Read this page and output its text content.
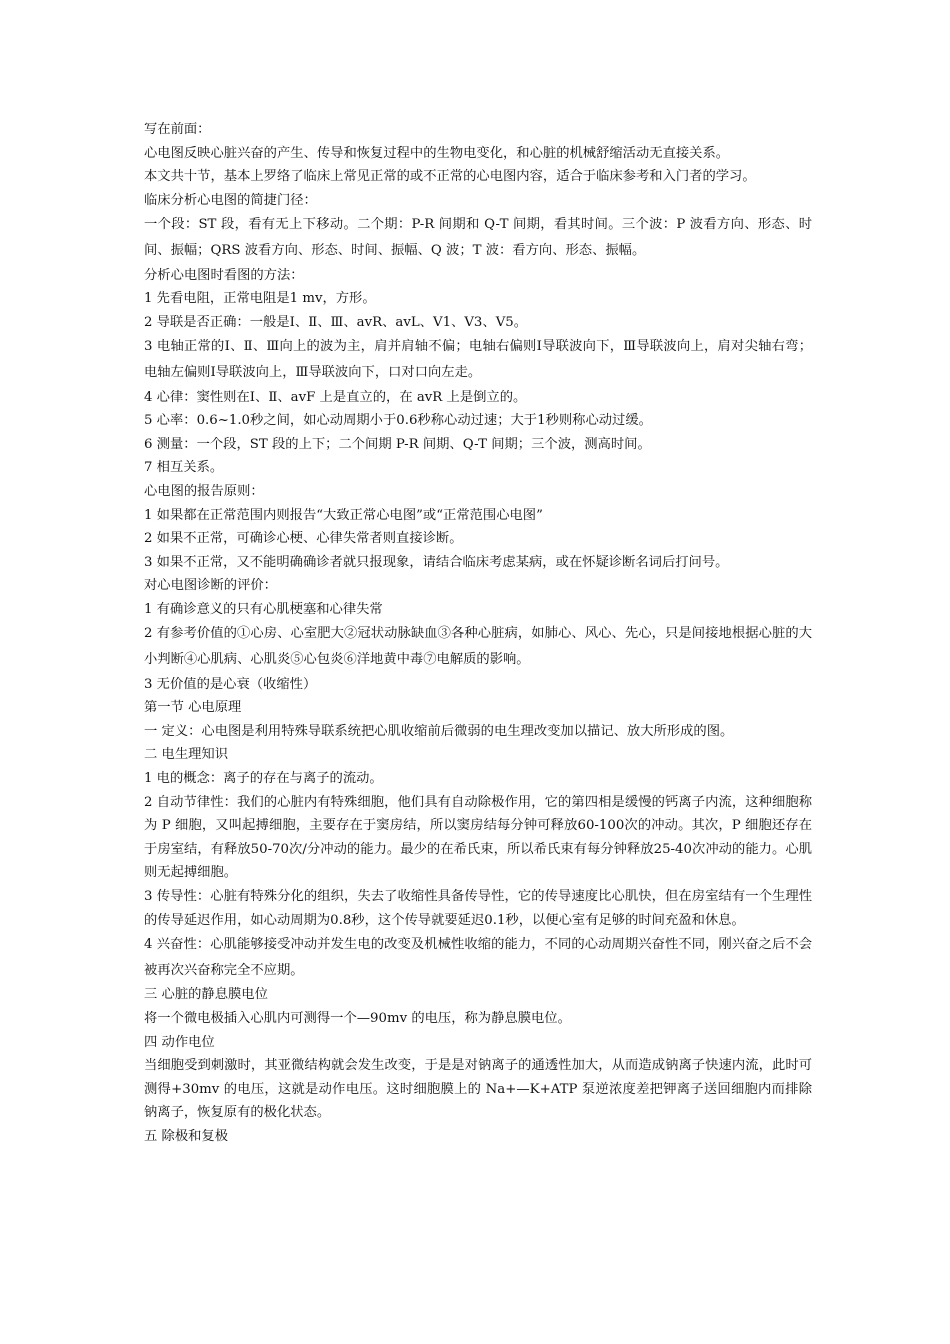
写在前面：

心电图反映心脏兴奋的产生、传导和恢复过程中的生物电变化，和心脏的机械舒缩活动无直接关系。

本文共十节，基本上罗络了临床上常见正常的或不正常的心电图内容，适合于临床参考和入门者的学习。

临床分析心电图的简捷门径：

一个段：ST 段，看有无上下移动。二个期：P-R 间期和 Q-T 间期，看其时间。三个波：P 波看方向、形态、时间、振幅；QRS 波看方向、形态、时间、振幅、Q 波；T 波：看方向、形态、振幅。

分析心电图时看图的方法：

1 先看电阻，正常电阻是1 mv，方形。

2 导联是否正确：一般是Ⅰ、Ⅱ、Ⅲ、avR、avL、V1、V3、V5。

3 电轴正常的Ⅰ、Ⅱ、Ⅲ向上的波为主，肩并肩轴不偏；电轴右偏则Ⅰ导联波向下，Ⅲ导联波向上，肩对尖轴右弯；电轴左偏则Ⅰ导联波向上，Ⅲ导联波向下，口对口向左走。

4 心律：窦性则在Ⅰ、Ⅱ、avF 上是直立的，在 avR 上是倒立的。

5 心率：0.6~1.0秒之间，如心动周期小于0.6秒称心动过速；大于1秒则称心动过缓。

6 测量：一个段，ST 段的上下；二个间期 P-R 间期、Q-T 间期；三个波，测高时间。

7 相互关系。

心电图的报告原则：

1 如果都在正常范围内则报告“大致正常心电图”或“正常范围心电图”

2 如果不正常，可确诊心梗、心律失常者则直接诊断。

3 如果不正常，又不能明确确诊者就只报现象，请结合临床考虑某病，或在怀疑诊断名词后打问号。

对心电图诊断的评价：

1 有确诊意义的只有心肌梗塞和心律失常

2 有参考价值的①心房、心室肥大②冠状动脉缺血③各种心脏病，如肺心、风心、先心，只是间接地根据心脏的大小判断④心肌病、心肌炎⑤心包炎⑥洋地黄中毒⑦电解质的影响。

3 无价值的是心衰（收缩性）

第一节 心电原理

一 定义：心电图是利用特殊导联系统把心肌收缩前后微弱的电生理改变加以描记、放大所形成的图。

二 电生理知识

1 电的概念：离子的存在与离子的流动。

2 自动节律性：我们的心脏内有特殊细胞，他们具有自动除极作用，它的第四相是缓慢的钙离子内流，这种细胞称为 P 细胞，又叫起搏细胞，主要存在于窦房结，所以窦房结每分钟可释放60-100次的冲动。其次，P 细胞还存在于房室结，有释放50-70次/分冲动的能力。最少的在希氏束，所以希氏束有每分钟释放25-40次冲动的能力。心肌则无起搏细胞。

3 传导性：心脏有特殊分化的组织，失去了收缩性具备传导性，它的传导速度比心肌快，但在房室结有一个生理性的传导延迟作用，如心动周期为0.8秒，这个传导就要延迟0.1秒，以便心室有足够的时间充盈和休息。

4 兴奋性：心肌能够接受冲动并发生电的改变及机械性收缩的能力，不同的心动周期兴奋性不同，刚兴奋之后不会被再次兴奋称完全不应期。

三 心脏的静息膜电位

将一个微电极插入心肌内可测得一个—90mv 的电压，称为静息膜电位。

四 动作电位

当细胞受到刺激时，其亚微结构就会发生改变，于是是对钠离子的通透性加大，从而造成钠离子快速内流，此时可测得+30mv 的电压，这就是动作电压。这时细胞膜上的 Na+—K+ATP 泵逆浓度差把钾离子送回细胞内而排除钠离子，恢复原有的极化状态。

五 除极和复极
